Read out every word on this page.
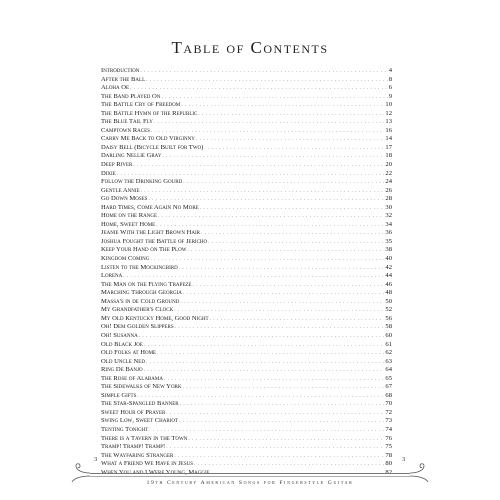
Table of Contents
Introduction . . .	4
After the Ball . . .	8
Aloha Oe . . .	6
The Band Played On . . .	9
The Battle Cry of Freedom . . .	10
The Battle Hymn of the Republic . . .	12
The Blue Tail Fly . . .	13
Camptown Races . . .	16
Carry Me Back to Old Virginny . . .	14
Daisy Bell (Bicycle Built for Two) . . .	17
Darling Nellie Gray . . .	18
Deep River . . .	20
Dixie . . .	22
Follow the Drinking Gourd . . .	24
Gentle Annie . . .	26
Go Down Moses . . .	28
Hard Times, Come Again No More . . .	30
Home on the Range . . .	32
Home, Sweet Home . . .	34
Jeanie With the Light Brown Hair . . .	36
Joshua Fought the Battle of Jericho . . .	35
Keep Your Hand on The Plow . . .	38
Kingdom Coming . . .	40
Listen to the Mockingbird . . .	42
Lorena . . .	44
The Man on the Flying Trapeze . . .	46
Marching Through Georgia . . .	48
Massa's in de Cold Ground . . .	50
My Grandfather's Clock . . .	52
My Old Kentucky Home, Good Night . . .	56
Oh! Dem Golden Slippers . . .	58
Oh! Susanna . . .	60
Old Black Joe . . .	61
Old Folks at Home . . .	62
Old Uncle Ned . . .	63
Ring De Banjo . . .	64
The Rose of Alabama . . .	65
The Sidewalks of New York . . .	67
Simple Gifts . . .	68
The Star-Spangled Banner . . .	70
Sweet Hour of Prayer . . .	72
Swing Low, Sweet Chariot . . .	73
Tenting Tonight . . .	74
There is a Tavern in the Town . . .	76
Tramp! Tramp! Tramp! . . .	75
The Wayfaring Stranger . . .	78
What a Friend We Have in Jesus . . .	80
. . .
3	3
19th Century American Songs for Fingerstyle Guitar
